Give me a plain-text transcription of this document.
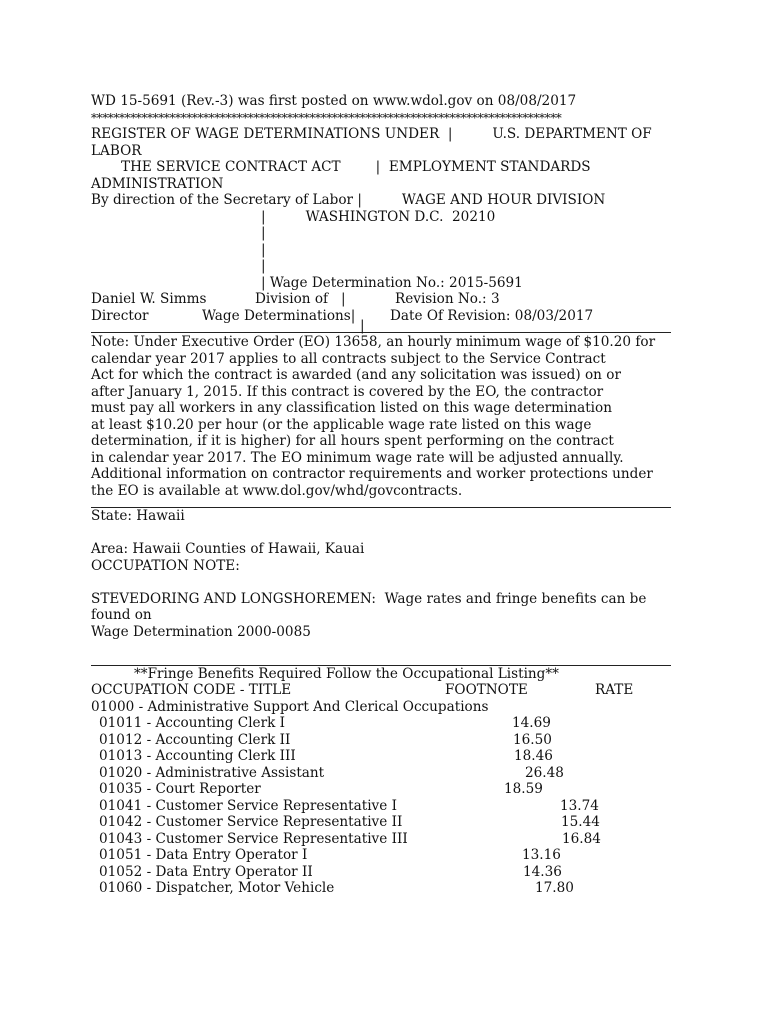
WD 15-5691 (Rev.-3) was first posted on www.wdol.gov on 08/08/2017
************************************************************************************
REGISTER OF WAGE DETERMINATIONS UNDER  |	U.S. DEPARTMENT OF
LABOR
THE SERVICE CONTRACT ACT	|  EMPLOYMENT STANDARDS
ADMINISTRATION
By direction of the Secretary of Labor |	WAGE AND HOUR DIVISION
|	WASHINGTON D.C.  20210
|
|
|
| Wage Determination No.: 2015-5691
Daniel W. Simms	Division of   |	Revision No.: 3
Director	Wage Determinations|	Date Of Revision: 08/03/2017
|
Note: Under Executive Order (EO) 13658, an hourly minimum wage of $10.20 for
calendar year 2017 applies to all contracts subject to the Service Contract
Act for which the contract is awarded (and any solicitation was issued) on or
after January 1, 2015. If this contract is covered by the EO, the contractor
must pay all workers in any classification listed on this wage determination
at least $10.20 per hour (or the applicable wage rate listed on this wage
determination, if it is higher) for all hours spent performing on the contract
in calendar year 2017. The EO minimum wage rate will be adjusted annually.
Additional information on contractor requirements and worker protections under
the EO is available at www.dol.gov/whd/govcontracts.
State: Hawaii
Area: Hawaii Counties of Hawaii, Kauai
OCCUPATION NOTE:
STEVEDORING AND LONGSHOREMEN:  Wage rates and fringe benefits can be
found on
Wage Determination 2000-0085
**Fringe Benefits Required Follow the Occupational Listing**
OCCUPATION CODE - TITLE	FOOTNOTE	RATE
01000 - Administrative Support And Clerical Occupations
01011 - Accounting Clerk I	14.69
01012 - Accounting Clerk II	16.50
01013 - Accounting Clerk III	18.46
01020 - Administrative Assistant	26.48
01035 - Court Reporter	18.59
01041 - Customer Service Representative I	13.74
01042 - Customer Service Representative II	15.44
01043 - Customer Service Representative III	16.84
01051 - Data Entry Operator I	13.16
01052 - Data Entry Operator II	14.36
01060 - Dispatcher, Motor Vehicle	17.80
